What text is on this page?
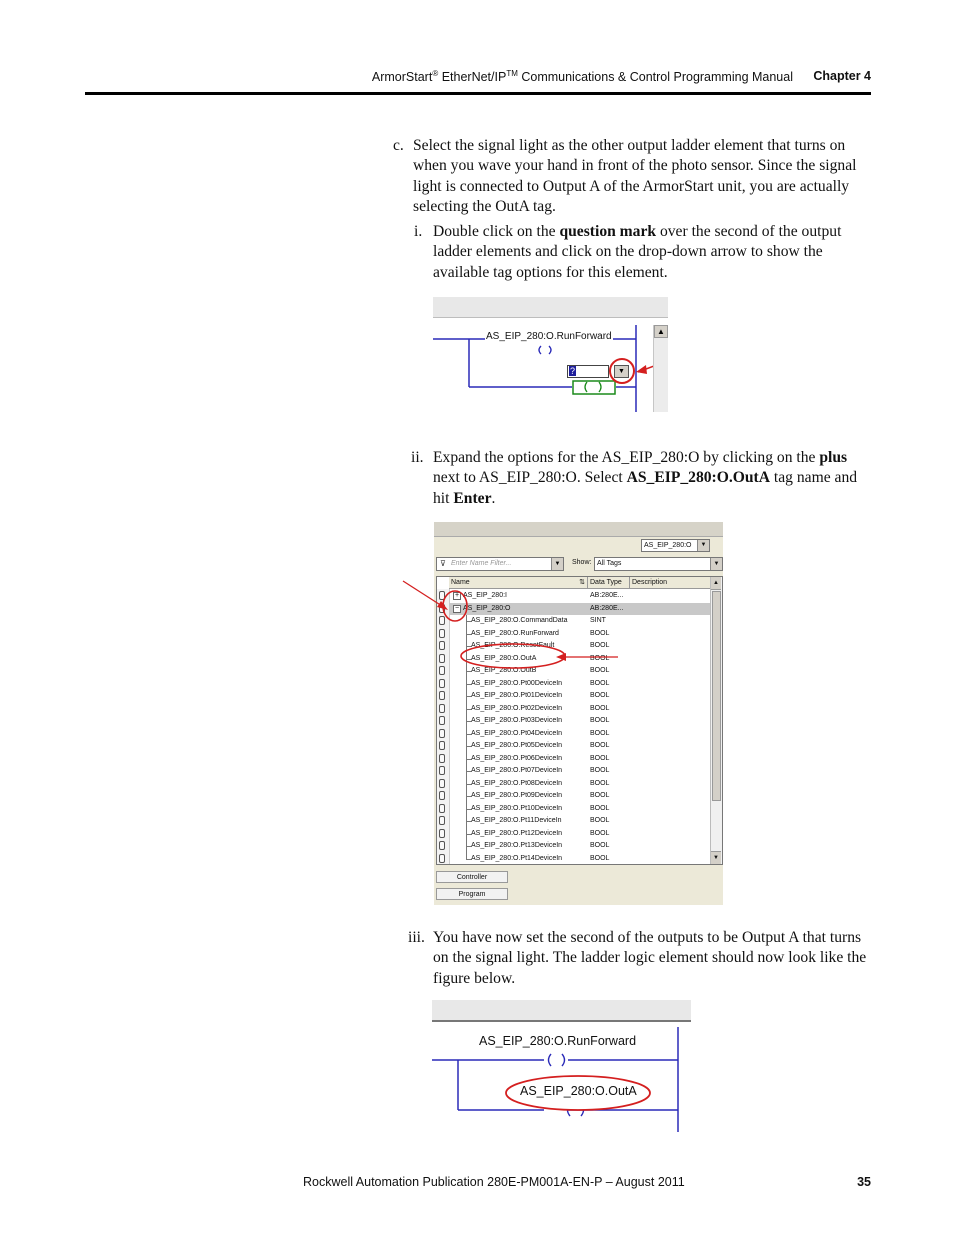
ArmorStart® EtherNet/IP™ Communications & Control Programming Manual Chapter 4
c. Select the signal light as the other output ladder element that turns on when you wave your hand in front of the photo sensor. Since the signal light is connected to Output A of the ArmorStart unit, you are actually selecting the OutA tag.
i. Double click on the question mark over the second of the output ladder elements and click on the drop-down arrow to show the available tag options for this element.
AS_EIP_280:O.RunForward
?	▼
▲
ii. Expand the options for the AS_EIP_280:O by clicking on the plus next to AS_EIP_280:O. Select AS_EIP_280:O.OutA tag name and hit Enter.
AS_EIP_280:O	▼
⊽ Enter Name Filter...	▼	Show: All Tags	▼
Name	⇅ Data Type	Description
+ AS_EIP_280:I	AB:280E...
− AS_EIP_280:O	AB:280E...
AS_EIP_280:O.CommandData	SINT
AS_EIP_280:O.RunForward	BOOL
AS_EIP_280:O.ResetFault	BOOL
AS_EIP_280:O.OutA	BOOL
AS_EIP_280:O.OutB	BOOL
AS_EIP_280:O.Pt00DeviceIn	BOOL
AS_EIP_280:O.Pt01DeviceIn	BOOL
AS_EIP_280:O.Pt02DeviceIn	BOOL
AS_EIP_280:O.Pt03DeviceIn	BOOL
AS_EIP_280:O.Pt04DeviceIn	BOOL
AS_EIP_280:O.Pt05DeviceIn	BOOL
AS_EIP_280:O.Pt06DeviceIn	BOOL
AS_EIP_280:O.Pt07DeviceIn	BOOL
AS_EIP_280:O.Pt08DeviceIn	BOOL
AS_EIP_280:O.Pt09DeviceIn	BOOL
AS_EIP_280:O.Pt10DeviceIn	BOOL
AS_EIP_280:O.Pt11DeviceIn	BOOL
AS_EIP_280:O.Pt12DeviceIn	BOOL
AS_EIP_280:O.Pt13DeviceIn	BOOL
AS_EIP_280:O.Pt14DeviceIn	BOOL
▲
▼
Controller
Program
iii. You have now set the second of the outputs to be Output A that turns on the signal light. The ladder logic element should now look like the figure below.
AS_EIP_280:O.RunForward
AS_EIP_280:O.OutA
Rockwell Automation Publication 280E-PM001A-EN-P – August 2011	35
